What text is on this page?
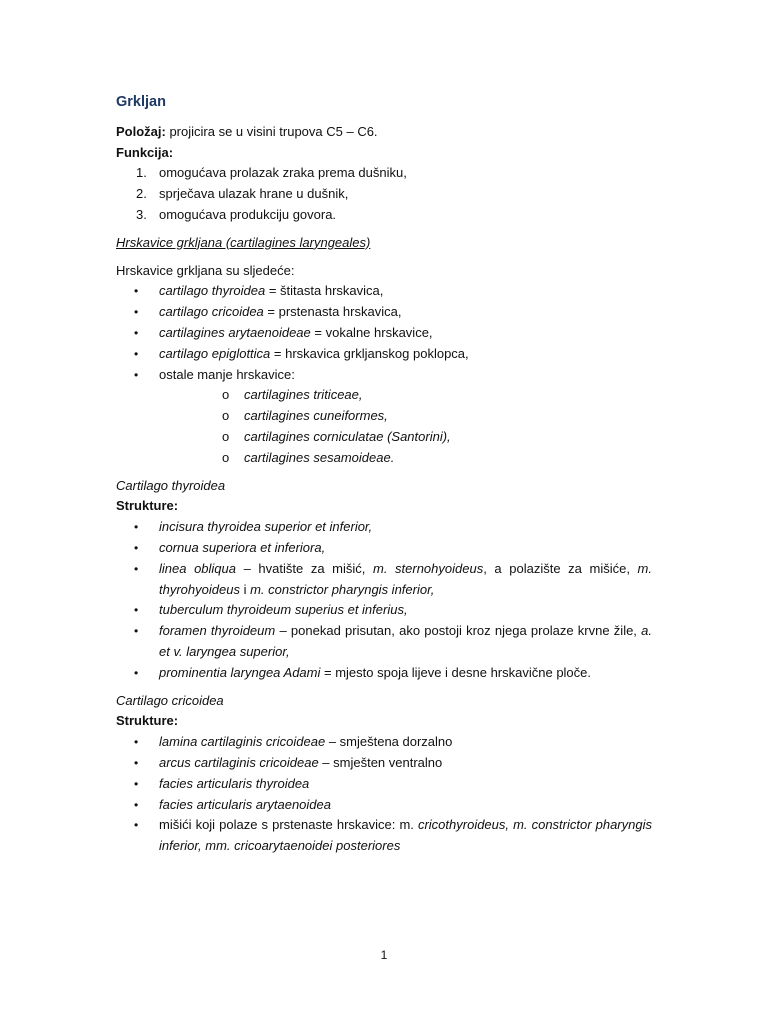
Grkljan

Položaj: projicira se u visini trupova C5 – C6.

Funkcija:

1. omogućava prolazak zraka prema dušniku,
2. sprječava ulazak hrane u dušnik,
3. omogućava produkciju govora.

Hrskavice grkljana (cartilagines laryngeales)

Hrskavice grkljana su sljedeće:

• cartilago thyroidea = štitasta hrskavica,
• cartilago cricoidea = prstenasta hrskavica,
• cartilagines arytaenoideae = vokalne hrskavice,
• cartilago epiglottica = hrskavica grkljanskog poklopca,
• ostale manje hrskavice:
o cartilagines triticeae,
o cartilagines cuneiformes,
o cartilagines corniculatae (Santorini),
o cartilagines sesamoideae.

Cartilago thyroidea

Strukture:

• incisura thyroidea superior et inferior,
• cornua superiora et inferiora,
• linea obliqua – hvatište za mišić, m. sternohyoideus, a polazište za mišiće, m. thyrohyoideus i m. constrictor pharyngis inferior,
• tuberculum thyroideum superius et inferius,
• foramen thyroideum – ponekad prisutan, ako postoji kroz njega prolaze krvne žile, a. et v. laryngea superior,
• prominentia laryngea Adami = mjesto spoja lijeve i desne hrskavične ploče.

Cartilago cricoidea

Strukture:

• lamina cartilaginis cricoideae – smještena dorzalno
• arcus cartilaginis cricoideae – smješten ventralno
• facies articularis thyroidea
• facies articularis arytaenoidea
• mišići koji polaze s prstenaste hrskavice: m. cricothyroideus, m. constrictor pharyngis inferior, mm. cricoarytaenoidei posteriores
1
